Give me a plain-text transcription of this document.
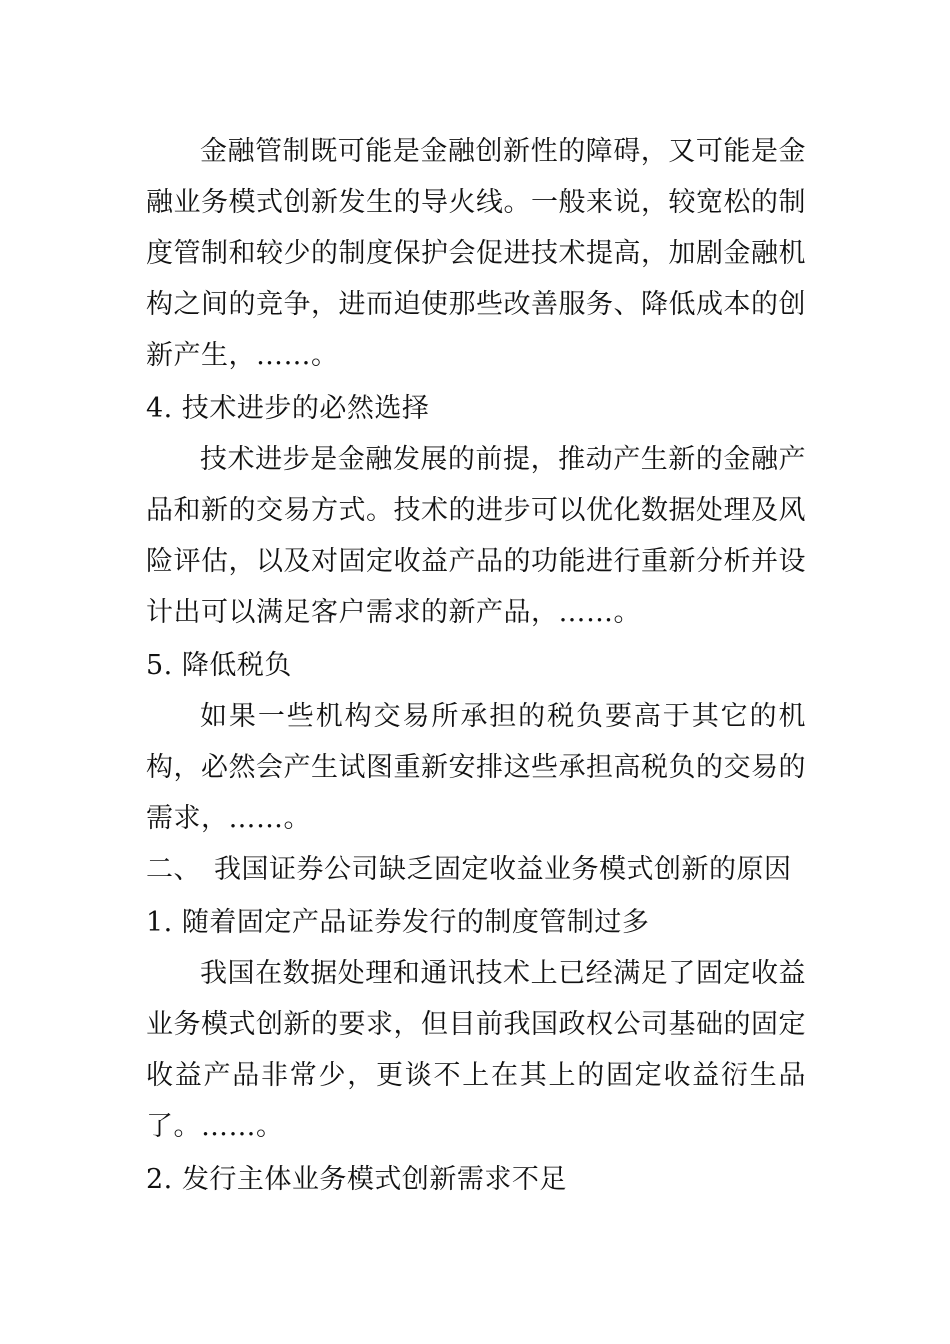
金融管制既可能是金融创新性的障碍，又可能是金融业务模式创新发生的导火线。一般来说，较宽松的制度管制和较少的制度保护会促进技术提高，加剧金融机构之间的竞争，进而迫使那些改善服务、降低成本的创新产生，……。

4. 技术进步的必然选择

技术进步是金融发展的前提，推动产生新的金融产品和新的交易方式。技术的进步可以优化数据处理及风险评估，以及对固定收益产品的功能进行重新分析并设计出可以满足客户需求的新产品，……。

5. 降低税负

如果一些机构交易所承担的税负要高于其它的机构，必然会产生试图重新安排这些承担高税负的交易的需求，……。

二、 我国证券公司缺乏固定收益业务模式创新的原因

1. 随着固定产品证券发行的制度管制过多

我国在数据处理和通讯技术上已经满足了固定收益业务模式创新的要求，但目前我国政权公司基础的固定收益产品非常少，更谈不上在其上的固定收益衍生品了。……。

2. 发行主体业务模式创新需求不足
